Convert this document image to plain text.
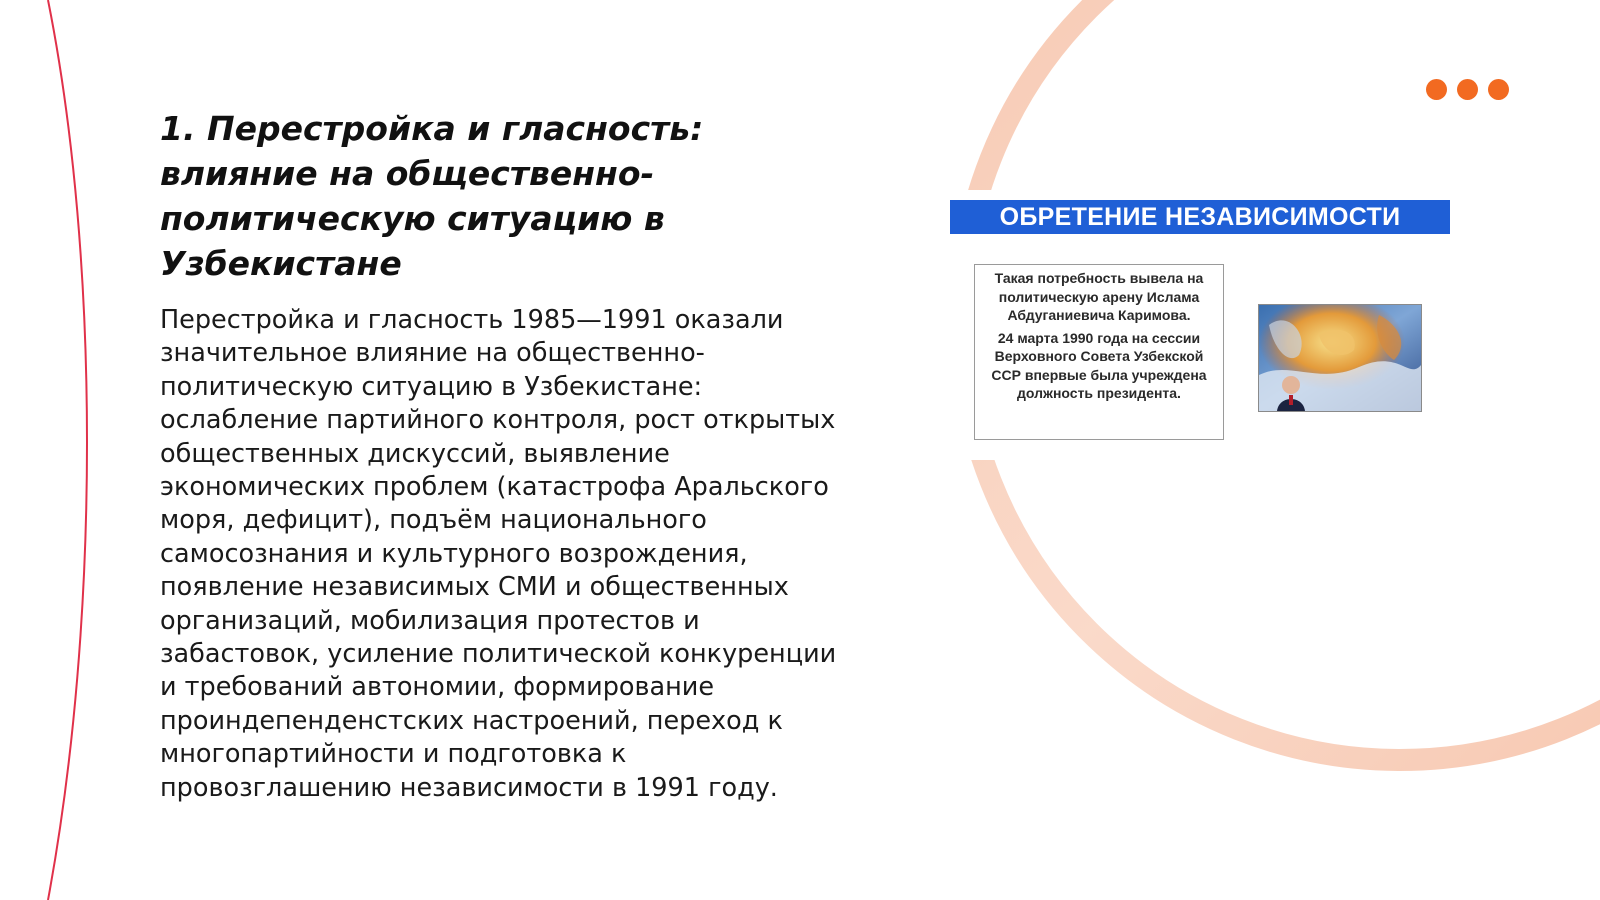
1. Перестройка и гласность: влияние на общественно-политическую ситуацию в Узбекистане

Перестройка и гласность 1985—1991 оказали значительное влияние на общественно-политическую ситуацию в Узбекистане: ослабление партийного контроля, рост открытых общественных дискуссий, выявление экономических проблем (катастрофа Аральского моря, дефицит), подъём национального самосознания и культурного возрождения, появление независимых СМИ и общественных организаций, мобилизация протестов и забастовок, усиление политической конкуренции и требований автономии, формирование проиндепенденстских настроений, переход к многопартийности и подготовка к провозглашению независимости в 1991 году.

ОБРЕТЕНИЕ НЕЗАВИСИМОСТИ

Такая потребность вывела на политическую арену Ислама Абдуганиевича Каримова.

24 марта 1990 года на сессии Верховного Совета Узбекской ССР впервые была учреждена должность президента.
